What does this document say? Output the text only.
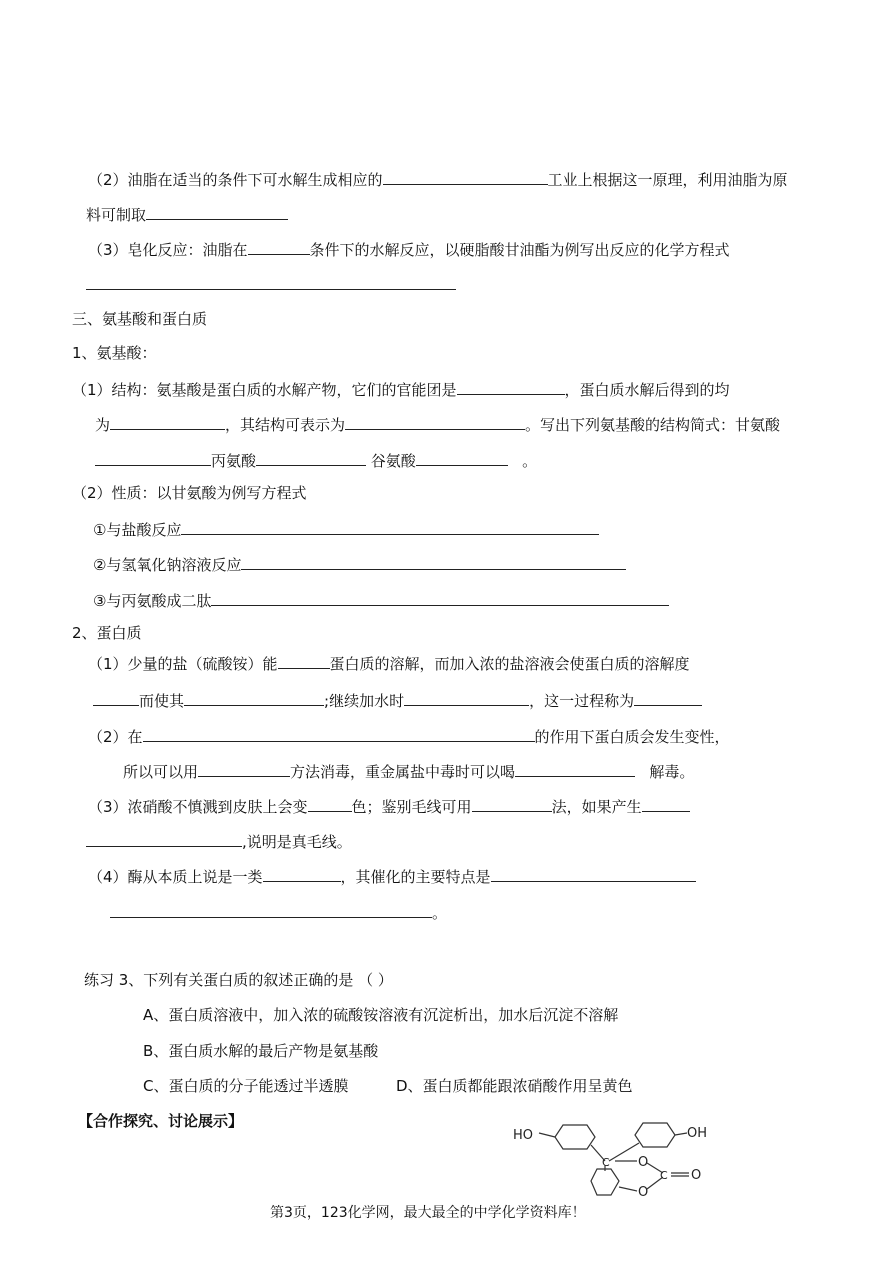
（2）油脂在适当的条件下可水解生成相应的	工业上根据这一原理，利用油脂为原
料可制取
（3）皂化反应：油脂在	条件下的水解反应，以硬脂酸甘油酯为例写出反应的化学方程式
三、氨基酸和蛋白质
1、氨基酸：
（1）结构：氨基酸是蛋白质的水解产物，它们的官能团是	，蛋白质水解后得到的均
为	，其结构可表示为	。写出下列氨基酸的结构简式：甘氨酸
丙氨酸	谷氨酸	。
（2）性质：以甘氨酸为例写方程式
①与盐酸反应
②与氢氧化钠溶液反应
③与丙氨酸成二肽
2、蛋白质
（1）少量的盐（硫酸铵）能	蛋白质的溶解，而加入浓的盐溶液会使蛋白质的溶解度
而使其	;继续加水时	，这一过程称为
（2）在	的作用下蛋白质会发生变性，
所以可以用	方法消毒，重金属盐中毒时可以喝	解毒。
（3）浓硝酸不慎溅到皮肤上会变	色；鉴别毛线可用	法，如果产生
,说明是真毛线。
（4）酶从本质上说是一类	，其催化的主要特点是
。
练习 3、下列有关蛋白质的叙述正确的是 （ ）
A、蛋白质溶液中，加入浓的硫酸铵溶液有沉淀析出，加水后沉淀不溶解
B、蛋白质水解的最后产物是氨基酸
C、蛋白质的分子能透过半透膜	D、蛋白质都能跟浓硝酸作用呈黄色
【合作探究、讨论展示】
HO	OH
C O
C O
O
第3页，123化学网，最大最全的中学化学资料库！
